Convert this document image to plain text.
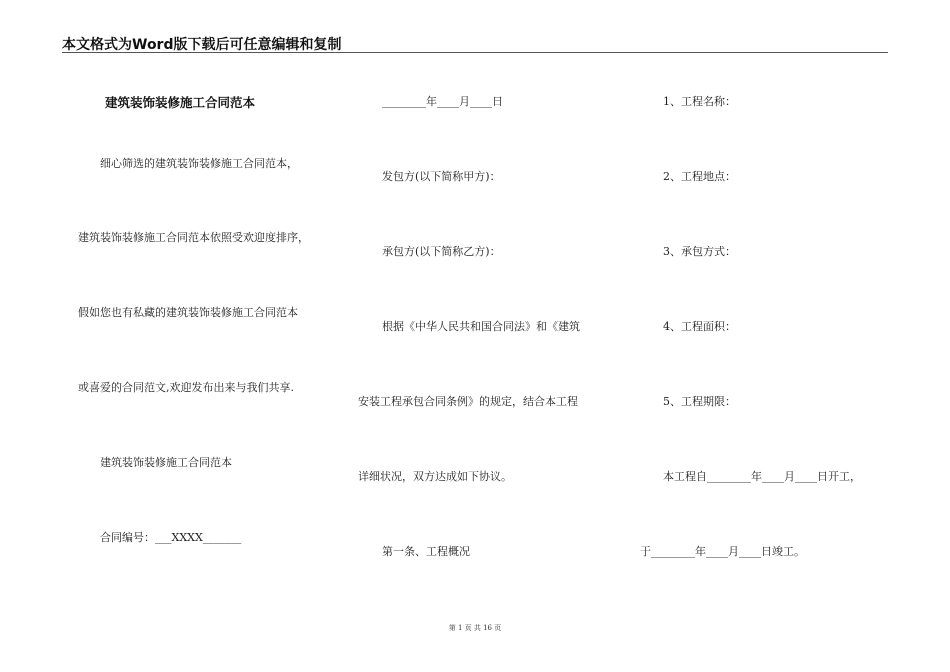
本文格式为Word版下载后可任意编辑和复制
建筑装饰装修施工合同范本
细心筛选的建筑装饰装修施工合同范本，
建筑装饰装修施工合同范本依照受欢迎度排序，
假如您也有私藏的建筑装饰装修施工合同范本
或喜爱的合同范文,欢迎发布出来与我们共享.
建筑装饰装修施工合同范本
合同编号：___XXXX_______
________年____月____日
发包方(以下简称甲方)：
承包方(以下简称乙方)：
根据《中华人民共和国合同法》和《建筑
安装工程承包合同条例》的规定，结合本工程
详细状况，双方达成如下协议。
第一条、工程概况
1、工程名称：
2、工程地点：
3、承包方式：
4、工程面积：
5、工程期限：
本工程自________年____月____日开工，
于________年____月____日竣工。
第 1 页 共 16 页
